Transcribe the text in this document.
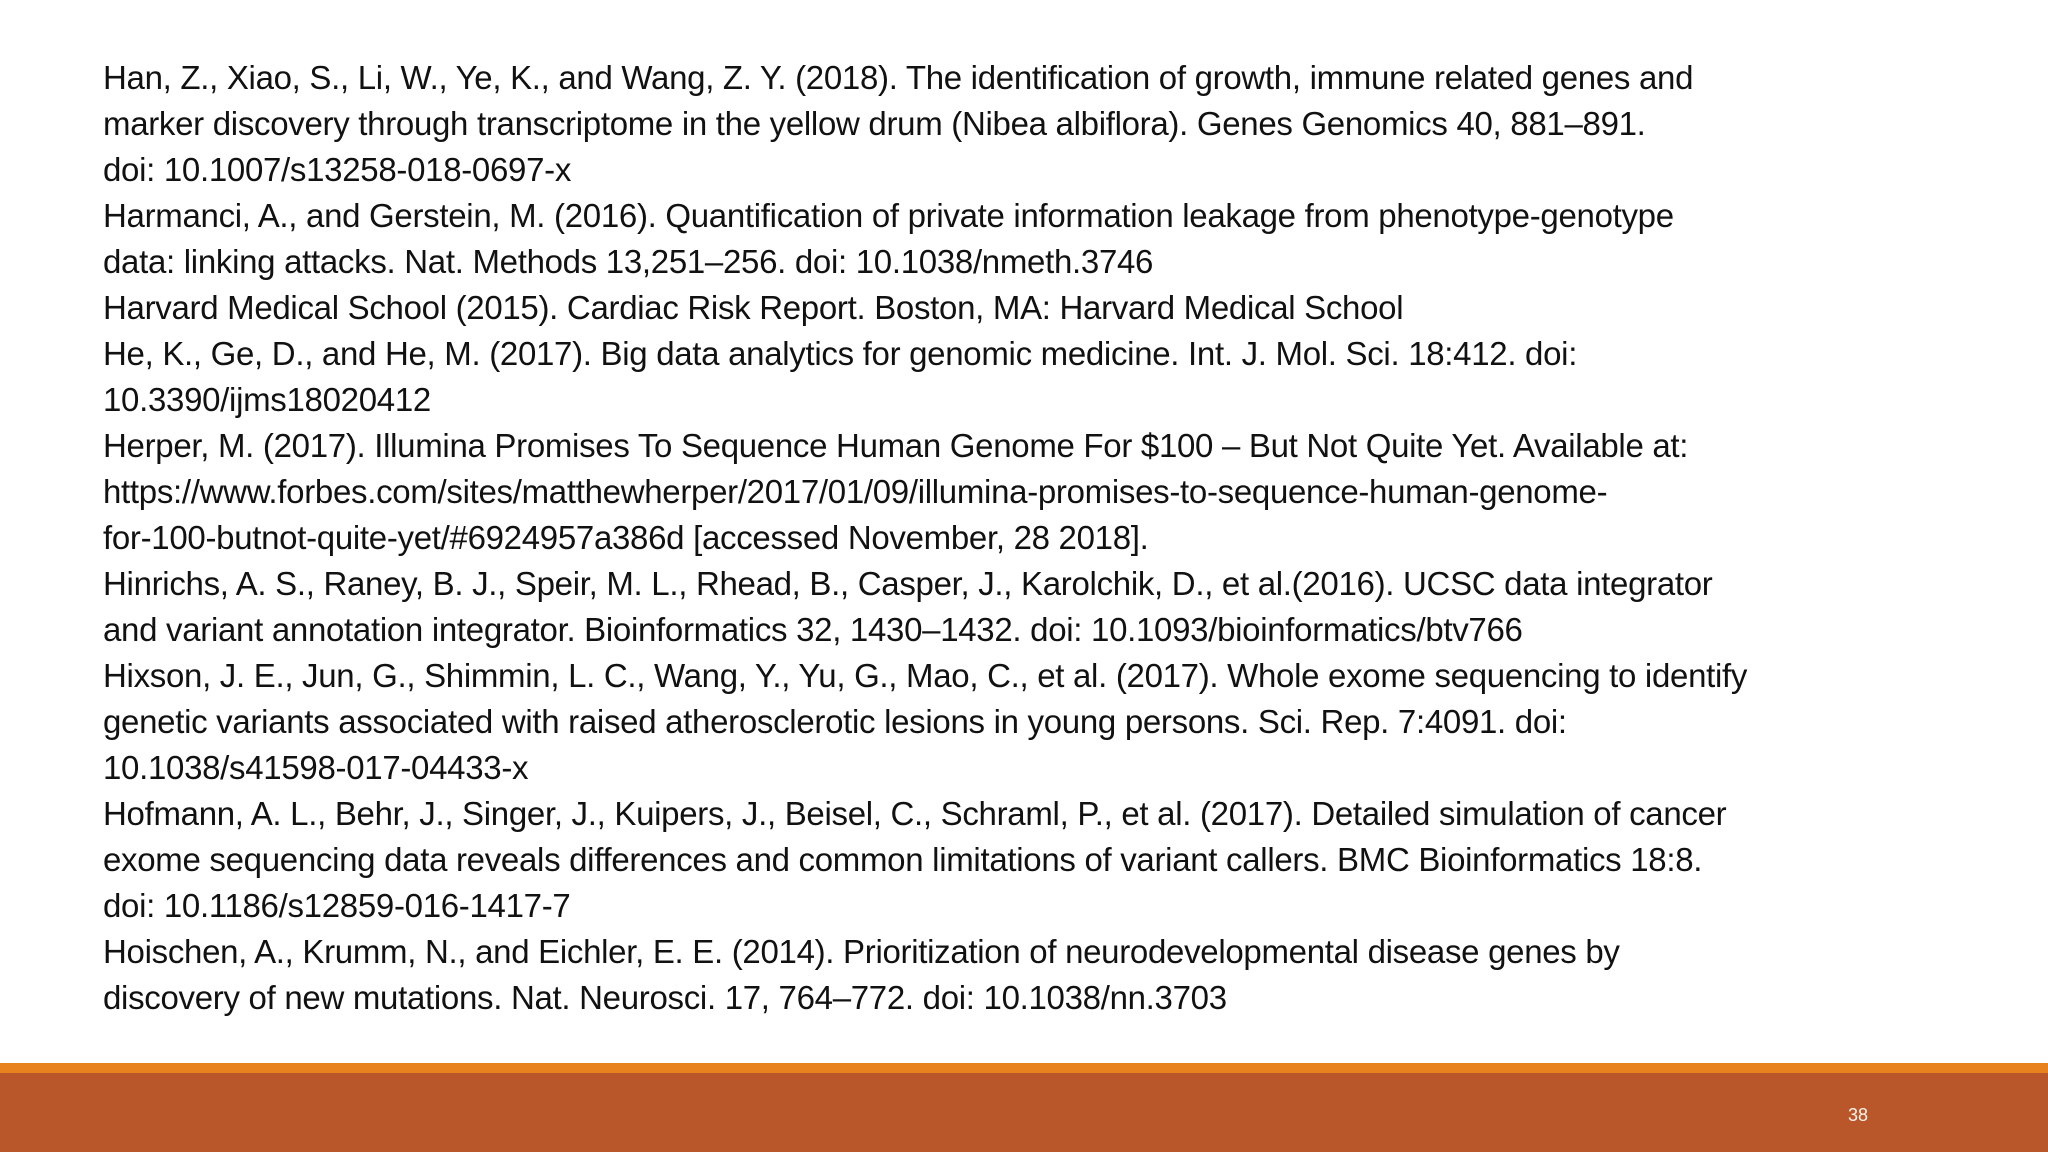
Han, Z., Xiao, S., Li, W., Ye, K., and Wang, Z. Y. (2018). The identification of growth, immune related genes and
marker discovery through transcriptome in the yellow drum (Nibea albiflora). Genes Genomics 40, 881–891.
doi: 10.1007/s13258-018-0697-x
Harmanci, A., and Gerstein, M. (2016). Quantification of private information leakage from phenotype-genotype
data: linking attacks. Nat. Methods 13,251–256. doi: 10.1038/nmeth.3746
Harvard Medical School (2015). Cardiac Risk Report. Boston, MA: Harvard Medical School
He, K., Ge, D., and He, M. (2017). Big data analytics for genomic medicine. Int. J. Mol. Sci. 18:412. doi:
10.3390/ijms18020412
Herper, M. (2017). Illumina Promises To Sequence Human Genome For $100 – But Not Quite Yet. Available at:
https://www.forbes.com/sites/matthewherper/2017/01/09/illumina-promises-to-sequence-human-genome-
for-100-butnot-quite-yet/#6924957a386d [accessed November, 28 2018].
Hinrichs, A. S., Raney, B. J., Speir, M. L., Rhead, B., Casper, J., Karolchik, D., et al.(2016). UCSC data integrator
and variant annotation integrator. Bioinformatics 32, 1430–1432. doi: 10.1093/bioinformatics/btv766
Hixson, J. E., Jun, G., Shimmin, L. C., Wang, Y., Yu, G., Mao, C., et al. (2017). Whole exome sequencing to identify
genetic variants associated with raised atherosclerotic lesions in young persons. Sci. Rep. 7:4091. doi:
10.1038/s41598-017-04433-x
Hofmann, A. L., Behr, J., Singer, J., Kuipers, J., Beisel, C., Schraml, P., et al. (2017). Detailed simulation of cancer
exome sequencing data reveals differences and common limitations of variant callers. BMC Bioinformatics 18:8.
doi: 10.1186/s12859-016-1417-7
Hoischen, A., Krumm, N., and Eichler, E. E. (2014). Prioritization of neurodevelopmental disease genes by
discovery of new mutations. Nat. Neurosci. 17, 764–772. doi: 10.1038/nn.3703
38
